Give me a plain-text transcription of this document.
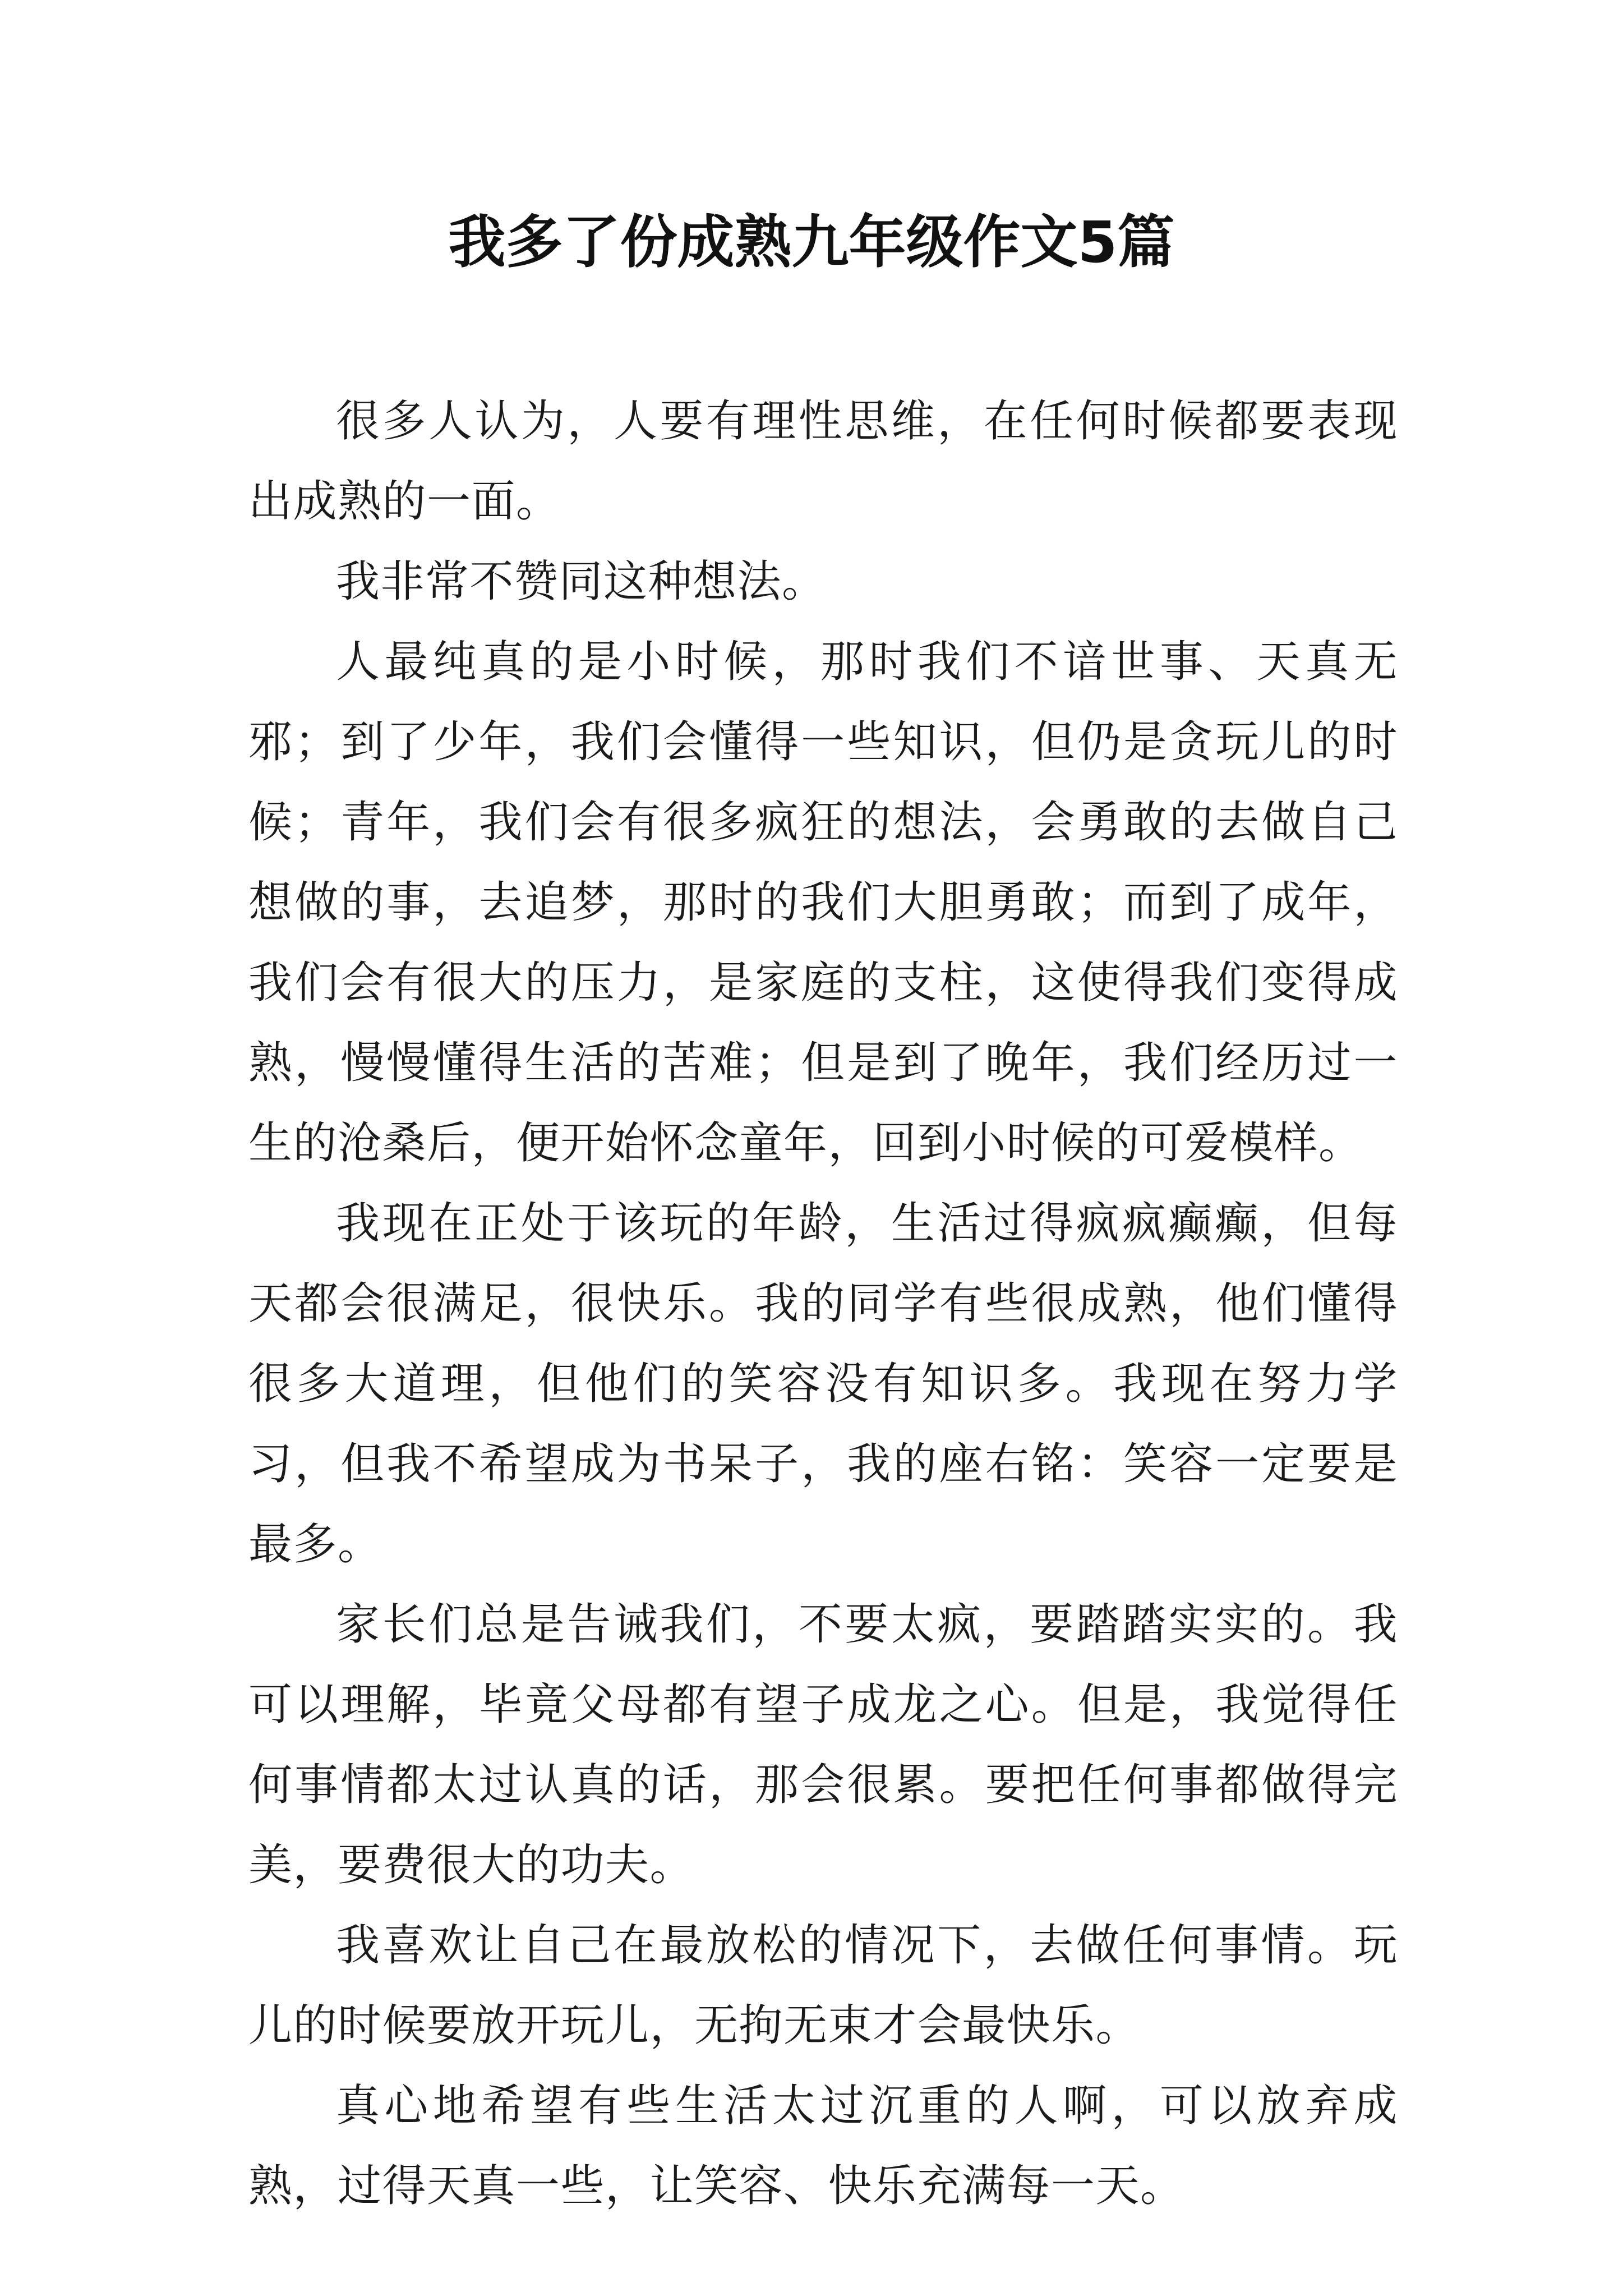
我多了份成熟九年级作文5篇

很多人认为，人要有理性思维，在任何时候都要表现出成熟的一面。

我非常不赞同这种想法。

人最纯真的是小时候，那时我们不谙世事、天真无邪；到了少年，我们会懂得一些知识，但仍是贪玩儿的时候；青年，我们会有很多疯狂的想法，会勇敢的去做自己想做的事，去追梦，那时的我们大胆勇敢；而到了成年，我们会有很大的压力，是家庭的支柱，这使得我们变得成熟，慢慢懂得生活的苦难；但是到了晚年，我们经历过一生的沧桑后，便开始怀念童年，回到小时候的可爱模样。

我现在正处于该玩的年龄，生活过得疯疯癫癫，但每天都会很满足，很快乐。我的同学有些很成熟，他们懂得很多大道理，但他们的笑容没有知识多。我现在努力学习，但我不希望成为书呆子，我的座右铭：笑容一定要是最多。

家长们总是告诫我们，不要太疯，要踏踏实实的。我可以理解，毕竟父母都有望子成龙之心。但是，我觉得任何事情都太过认真的话，那会很累。要把任何事都做得完美，要费很大的功夫。

我喜欢让自己在最放松的情况下，去做任何事情。玩儿的时候要放开玩儿，无拘无束才会最快乐。

真心地希望有些生活太过沉重的人啊，可以放弃成熟，过得天真一些，让笑容、快乐充满每一天。
